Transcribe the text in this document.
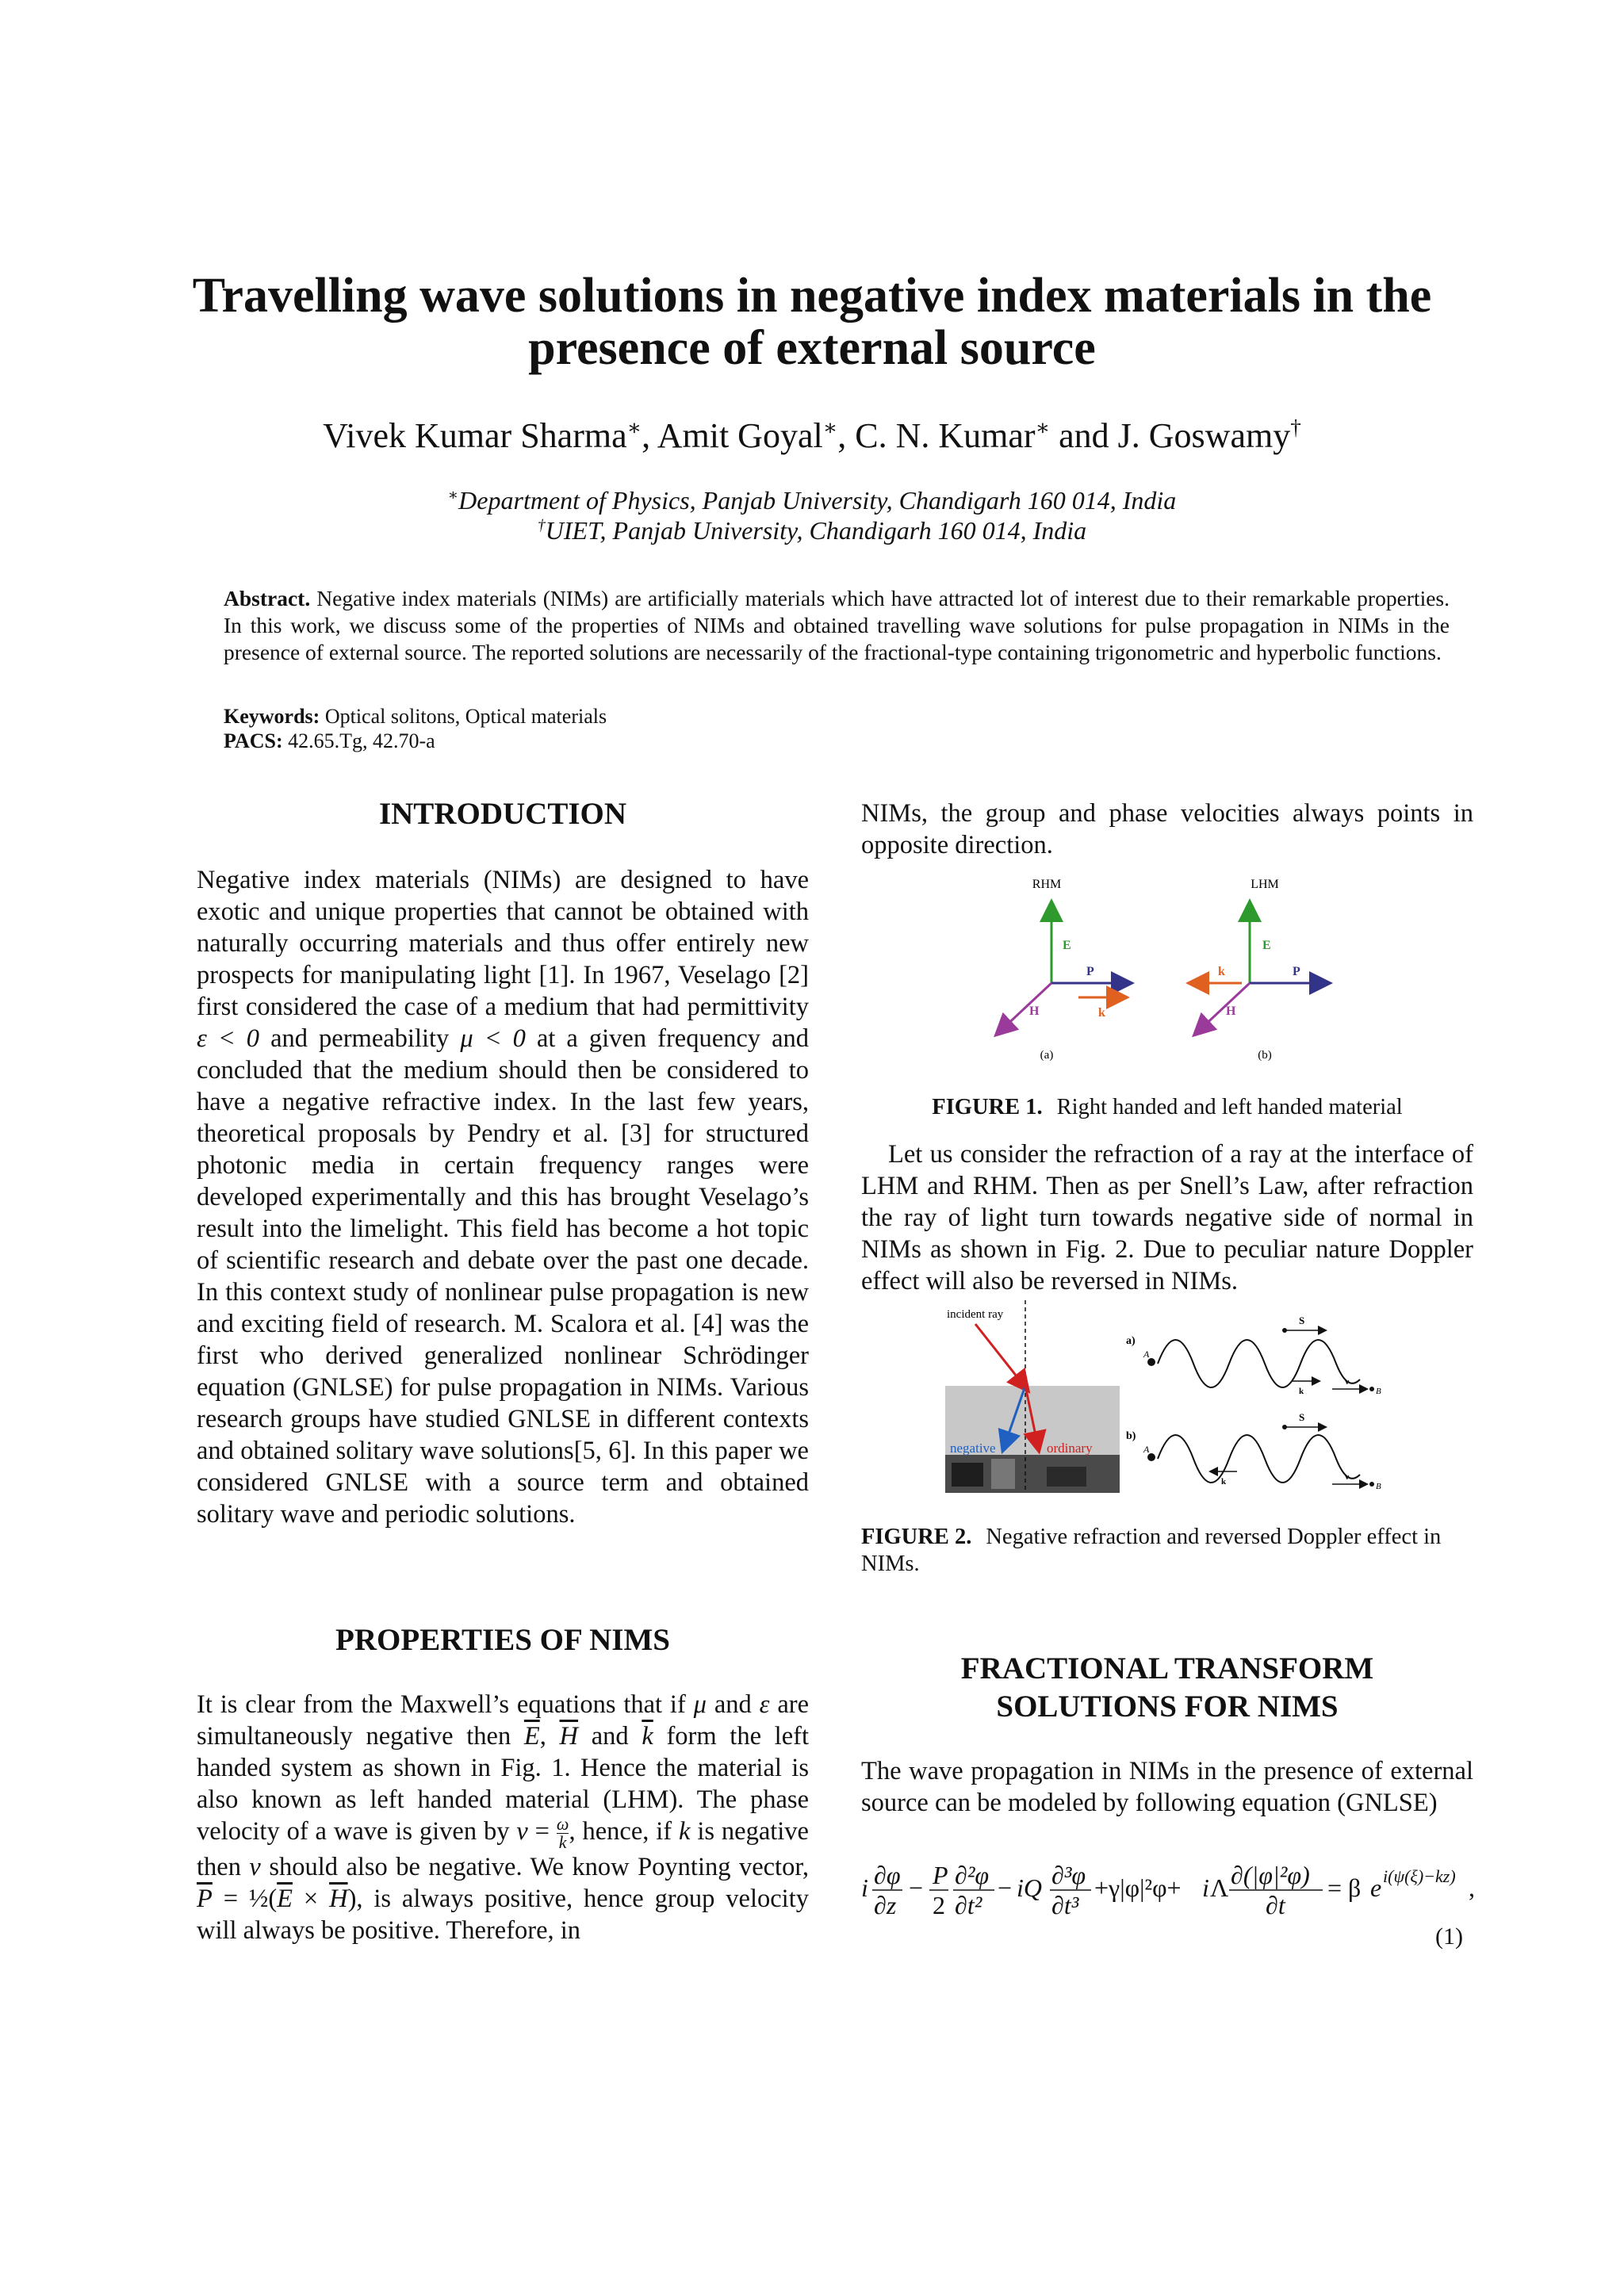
Travelling wave solutions in negative index materials in the presence of external source
Vivek Kumar Sharma∗, Amit Goyal∗, C. N. Kumar∗ and J. Goswamy†
∗Department of Physics, Panjab University, Chandigarh 160 014, India
†UIET, Panjab University, Chandigarh 160 014, India
Abstract. Negative index materials (NIMs) are artificially materials which have attracted lot of interest due to their remarkable properties. In this work, we discuss some of the properties of NIMs and obtained travelling wave solutions for pulse propagation in NIMs in the presence of external source. The reported solutions are necessarily of the fractional-type containing trigonometric and hyperbolic functions.
Keywords: Optical solitons, Optical materials
PACS: 42.65.Tg, 42.70-a
INTRODUCTION
Negative index materials (NIMs) are designed to have exotic and unique properties that cannot be obtained with naturally occurring materials and thus offer entirely new prospects for manipulating light [1]. In 1967, Veselago [2] first considered the case of a medium that had permittivity ε < 0 and permeability μ < 0 at a given frequency and concluded that the medium should then be considered to have a negative refractive index. In the last few years, theoretical proposals by Pendry et al. [3] for structured photonic media in certain frequency ranges were developed experimentally and this has brought Veselago’s result into the limelight. This field has become a hot topic of scientific research and debate over the past one decade. In this context study of nonlinear pulse propagation is new and exciting field of research. M. Scalora et al. [4] was the first who derived generalized nonlinear Schrödinger equation (GNLSE) for pulse propagation in NIMs. Various research groups have studied GNLSE in different contexts and obtained solitary wave solutions[5, 6]. In this paper we considered GNLSE with a source term and obtained solitary wave and periodic solutions.
PROPERTIES OF NIMS
It is clear from the Maxwell’s equations that if μ and ε are simultaneously negative then $\overline{E}$, $\overline{H}$ and $\overline{k}$ form the left handed system as shown in Fig. 1. Hence the material is also known as left handed material (LHM). The phase velocity of a wave is given by $v = \frac{\omega}{k}$ , hence, if k is negative then v should also be negative. We know Poynting vector, $\overline{P}$ = $\frac{1}{2}(\overline{E} \times \overline{H})$, is always positive, hence group velocity will always be positive. Therefore, in
NIMs, the group and phase velocities always points in opposite direction.
RHM	LHM
E
P
H	k
(a)
E
P
H
k
(b)
FIGURE 1. Right handed and left handed material
Let us consider the refraction of a ray at the interface of LHM and RHM. Then as per Snell’s Law, after refraction the ray of light turn towards negative side of normal in NIMs as shown in Fig. 2. Due to peculiar nature Doppler effect will also be reversed in NIMs.
incident ray
negative	ordinary
a)
b)
A
A
S
k
v
B
S
k	v
B
FIGURE 2. Negative refraction and reversed Doppler effect in NIMs.
FRACTIONAL TRANSFORM
SOLUTIONS FOR NIMS
The wave propagation in NIMs in the presence of external source can be modeled by following equation (GNLSE)
i ∂φ
∂z
− P
2
∂²φ
∂t²
− iQ ∂³φ
∂t³
+γ|φ|²φ+ i Λ ∂(|φ|²φ)
∂t
= β e i(ψ(ξ)−kz) ,
(1)
